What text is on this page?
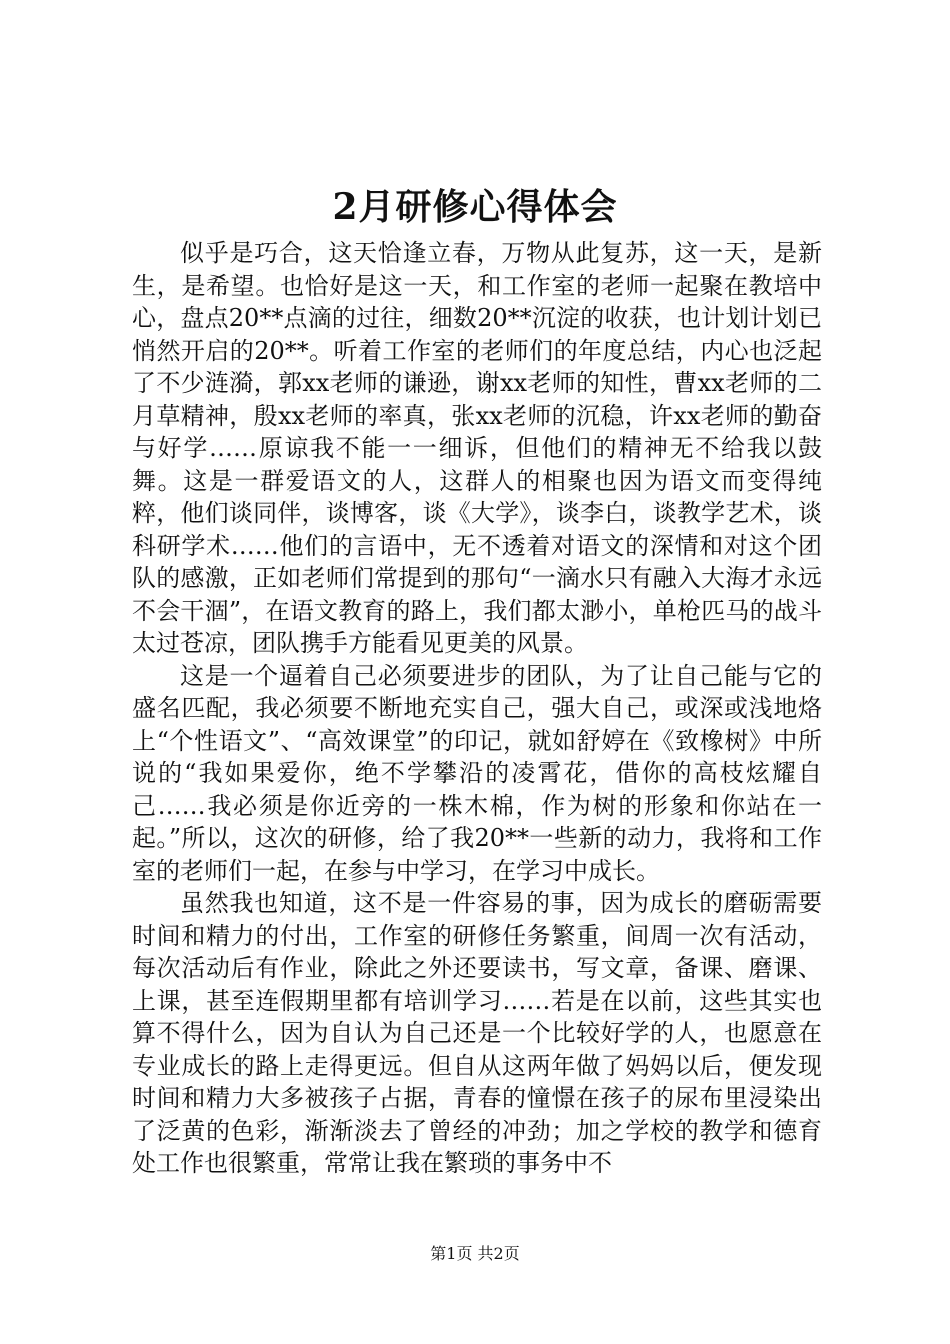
2月研修心得体会

似乎是巧合，这天恰逢立春，万物从此复苏，这一天，是新生，是希望。也恰好是这一天，和工作室的老师一起聚在教培中心，盘点20**点滴的过往，细数20**沉淀的收获，也计划计划已悄然开启的20**。听着工作室的老师们的年度总结，内心也泛起了不少涟漪，郭xx老师的谦逊，谢xx老师的知性，曹xx老师的二月草精神，殷xx老师的率真，张xx老师的沉稳，许xx老师的勤奋与好学……原谅我不能一一细诉，但他们的精神无不给我以鼓舞。这是一群爱语文的人，这群人的相聚也因为语文而变得纯粹，他们谈同伴，谈博客，谈《大学》，谈李白，谈教学艺术，谈科研学术……他们的言语中，无不透着对语文的深情和对这个团队的感激，正如老师们常提到的那句“一滴水只有融入大海才永远不会干涸”，在语文教育的路上，我们都太渺小，单枪匹马的战斗太过苍凉，团队携手方能看见更美的风景。

这是一个逼着自己必须要进步的团队，为了让自己能与它的盛名匹配，我必须要不断地充实自己，强大自己，或深或浅地烙上“个性语文”、“高效课堂”的印记，就如舒婷在《致橡树》中所说的“我如果爱你，绝不学攀沿的凌霄花，借你的高枝炫耀自己……我必须是你近旁的一株木棉，作为树的形象和你站在一起。”所以，这次的研修，给了我20**一些新的动力，我将和工作室的老师们一起，在参与中学习，在学习中成长。

虽然我也知道，这不是一件容易的事，因为成长的磨砺需要时间和精力的付出，工作室的研修任务繁重，间周一次有活动，每次活动后有作业，除此之外还要读书，写文章，备课、磨课、上课，甚至连假期里都有培训学习……若是在以前，这些其实也算不得什么，因为自认为自己还是一个比较好学的人，也愿意在专业成长的路上走得更远。但自从这两年做了妈妈以后，便发现时间和精力大多被孩子占据，青春的憧憬在孩子的尿布里浸染出了泛黄的色彩，渐渐淡去了曾经的冲劲；加之学校的教学和德育处工作也很繁重，常常让我在繁琐的事务中不

第1页 共2页
